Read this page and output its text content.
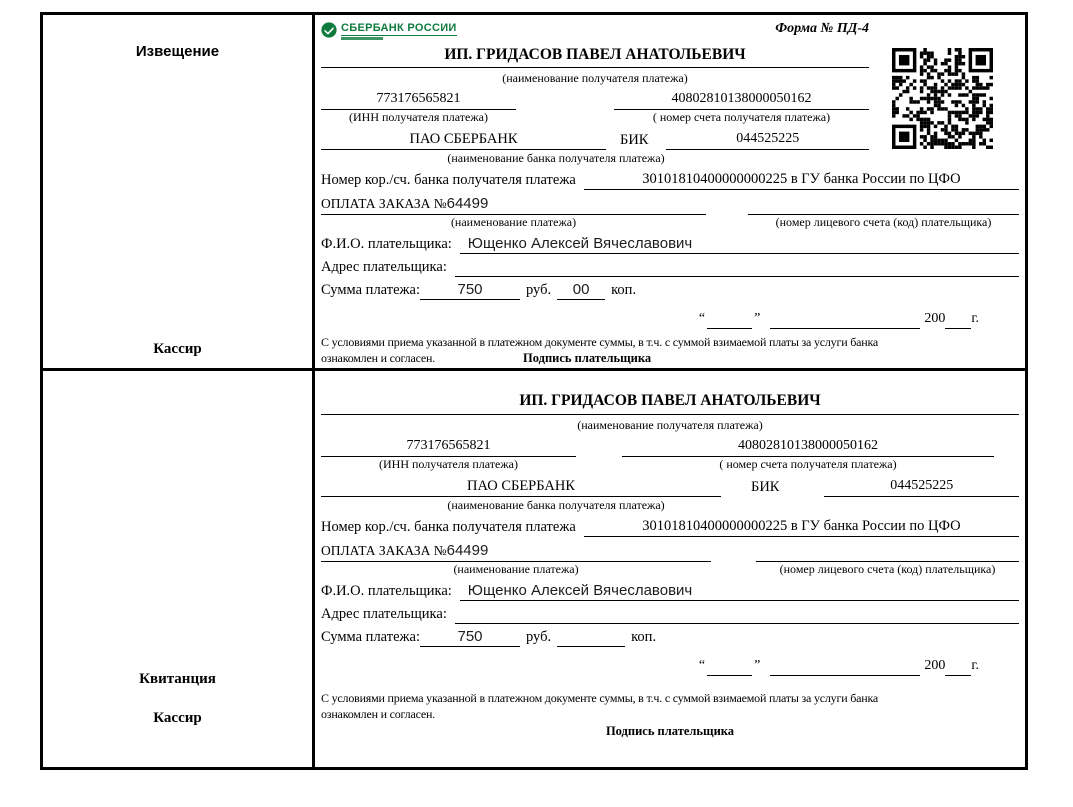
Извещение
Кассир
СБЕРБАНК РОССИИ	Форма № ПД-4
ИП. ГРИДАСОВ ПАВЕЛ АНАТОЛЬЕВИЧ
(наименование получателя платежа)
773176565821	40802810138000050162
(ИНН получателя платежа)	( номер счета получателя платежа)
ПАО СБЕРБАНК	БИК	044525225
(наименование банка получателя платежа)
Номер кор./сч. банка получателя платежа	30101810400000000225 в ГУ банка России по ЦФО
ОПЛАТА ЗАКАЗА №64499
(наименование платежа)	(номер лицевого счета (код) плательщика)
Ф.И.О. плательщика:	Ющенко Алексей Вячеславович
Адрес плательщика:
Сумма платежа:	750	руб.	00	коп.
“	”	200 г.
С условиями приема указанной в платежном документе суммы, в т.ч. с суммой взимаемой платы за услуги банка
ознакомлен и согласен.	Подпись плательщика
Квитанция
Кассир
ИП. ГРИДАСОВ ПАВЕЛ АНАТОЛЬЕВИЧ
(наименование получателя платежа)
773176565821	40802810138000050162
(ИНН получателя платежа)	( номер счета получателя платежа)
ПАО СБЕРБАНК	БИК	044525225
(наименование банка получателя платежа)
Номер кор./сч. банка получателя платежа	30101810400000000225 в ГУ банка России по ЦФО
ОПЛАТА ЗАКАЗА №64499
(наименование платежа)	(номер лицевого счета (код) плательщика)
Ф.И.О. плательщика:	Ющенко Алексей Вячеславович
Адрес плательщика:
Сумма платежа:	750	руб.	коп.
“	”	200 г.
С условиями приема указанной в платежном документе суммы, в т.ч. с суммой взимаемой платы за услуги банка
ознакомлен и согласен.
Подпись плательщика
